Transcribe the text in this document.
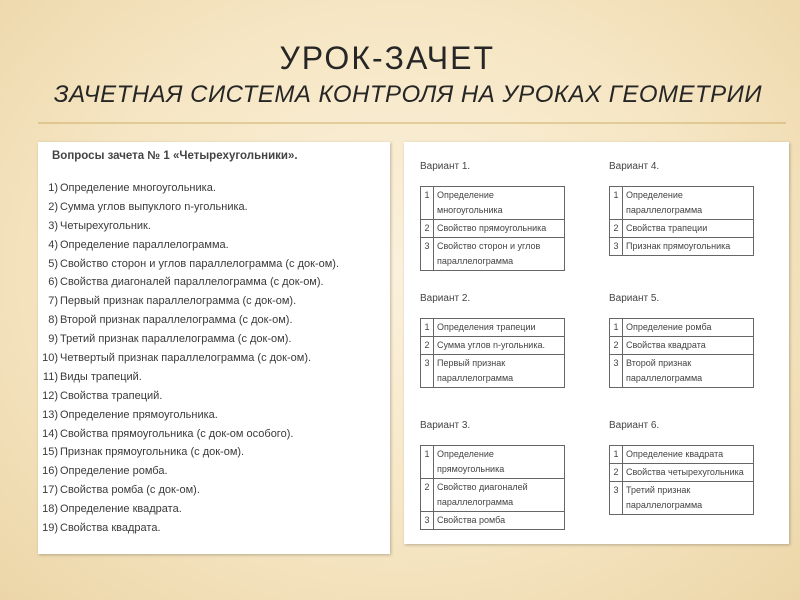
УРОК-ЗАЧЕТ
ЗАЧЕТНАЯ СИСТЕМА КОНТРОЛЯ НА УРОКАХ ГЕОМЕТРИИ
Вопросы зачета № 1 «Четырехугольники».
1) Определение многоугольника.
2) Сумма углов выпуклого n-угольника.
3) Четырехугольник.
4) Определение параллелограмма.
5) Свойство сторон и углов параллелограмма (с док-ом).
6) Свойства диагоналей параллелограмма (с док-ом).
7) Первый признак параллелограмма (с док-ом).
8) Второй признак параллелограмма (с док-ом).
9) Третий признак параллелограмма (с док-ом).
10) Четвертый признак параллелограмма (с док-ом).
11) Виды трапеций.
12) Свойства трапеций.
13) Определение прямоугольника.
14) Свойства прямоугольника (с док-ом особого).
15) Признак прямоугольника (с док-ом).
16) Определение ромба.
17) Свойства ромба (с док-ом).
18) Определение квадрата.
19) Свойства квадрата.
Вариант 1.
1	Определение многоугольника
2	Свойство прямоугольника
3	Свойство сторон и углов параллелограмма
Вариант 4.
1	Определение параллелограмма
2	Свойства трапеции
3	Признак прямоугольника
Вариант 2.
1	Определения трапеции
2	Сумма углов n-угольника.
3	Первый признак параллелограмма
Вариант 5.
1	Определение ромба
2	Свойства квадрата
3	Второй признак параллелограмма
Вариант 3.
1	Определение прямоугольника
2	Свойство диагоналей параллелограмма
3	Свойства ромба
Вариант 6.
1	Определение квадрата
2	Свойства четырехугольника
3	Третий признак параллелограмма
